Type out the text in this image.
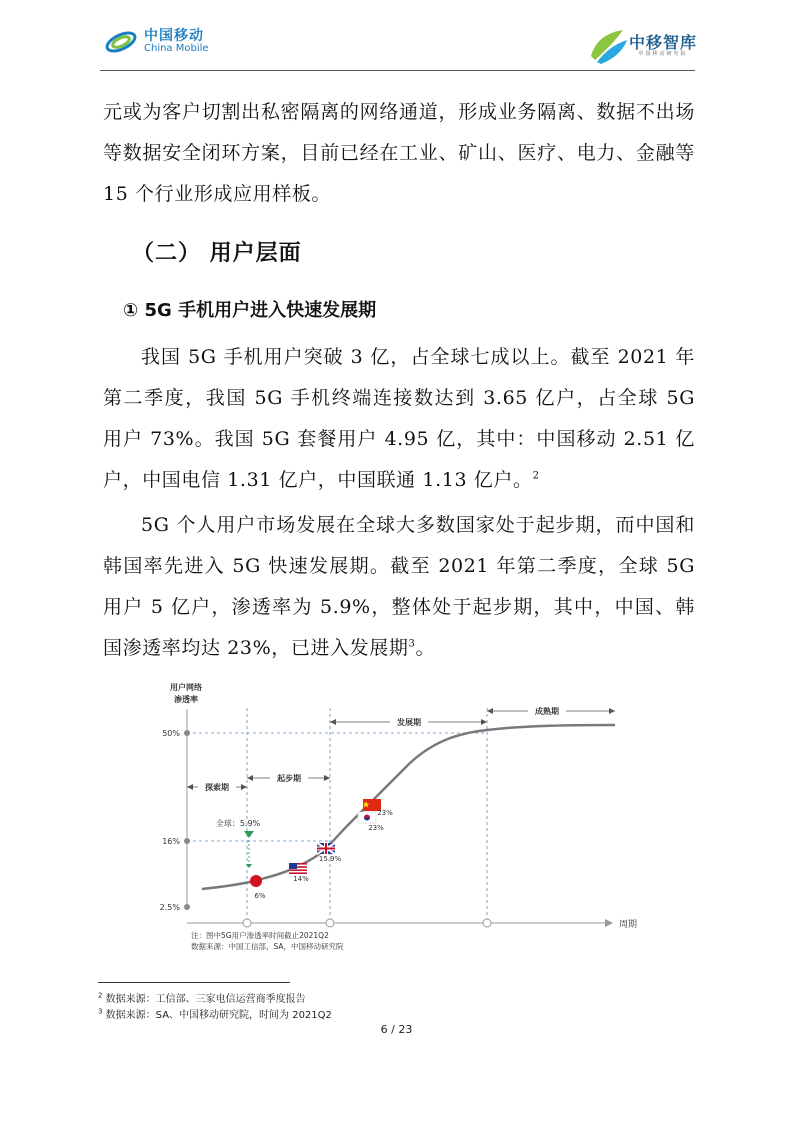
中国移动
China Mobile	中移智库
中国移动研究院

元或为客户切割出私密隔离的网络通道，形成业务隔离、数据不出场等数据安全闭环方案，目前已经在工业、矿山、医疗、电力、金融等 15 个行业形成应用样板。

（二） 用户层面
① 5G 手机用户进入快速发展期

我国 5G 手机用户突破 3 亿，占全球七成以上。截至 2021 年第二季度，我国 5G 手机终端连接数达到 3.65 亿户，占全球 5G 用户 73%。我国 5G 套餐用户 4.95 亿，其中：中国移动 2.51 亿户，中国电信 1.31 亿户，中国联通 1.13 亿户。$^2$

5G 个人用户市场发展在全球大多数国家处于起步期，而中国和韩国率先进入 5G 快速发展期。截至 2021 年第二季度，全球 5G 用户 5 亿户，渗透率为 5.9%，整体处于起步期，其中，中国、韩国渗透率均达 23%，已进入发展期$^3$。

用户网络
渗透率
周期
50%
16%
2.5%
探索期
起步期
发展期
成熟期
全球：5.9%
6%
14%
15.9%
23%
23%
注：图中5G用户渗透率时间截止2021Q2
数据来源：中国工信部，SA，中国移动研究院
$^2$ 数据来源：工信部、三家电信运营商季度报告
$^3$ 数据来源：SA、中国移动研究院，时间为 2021Q2
6 / 23
